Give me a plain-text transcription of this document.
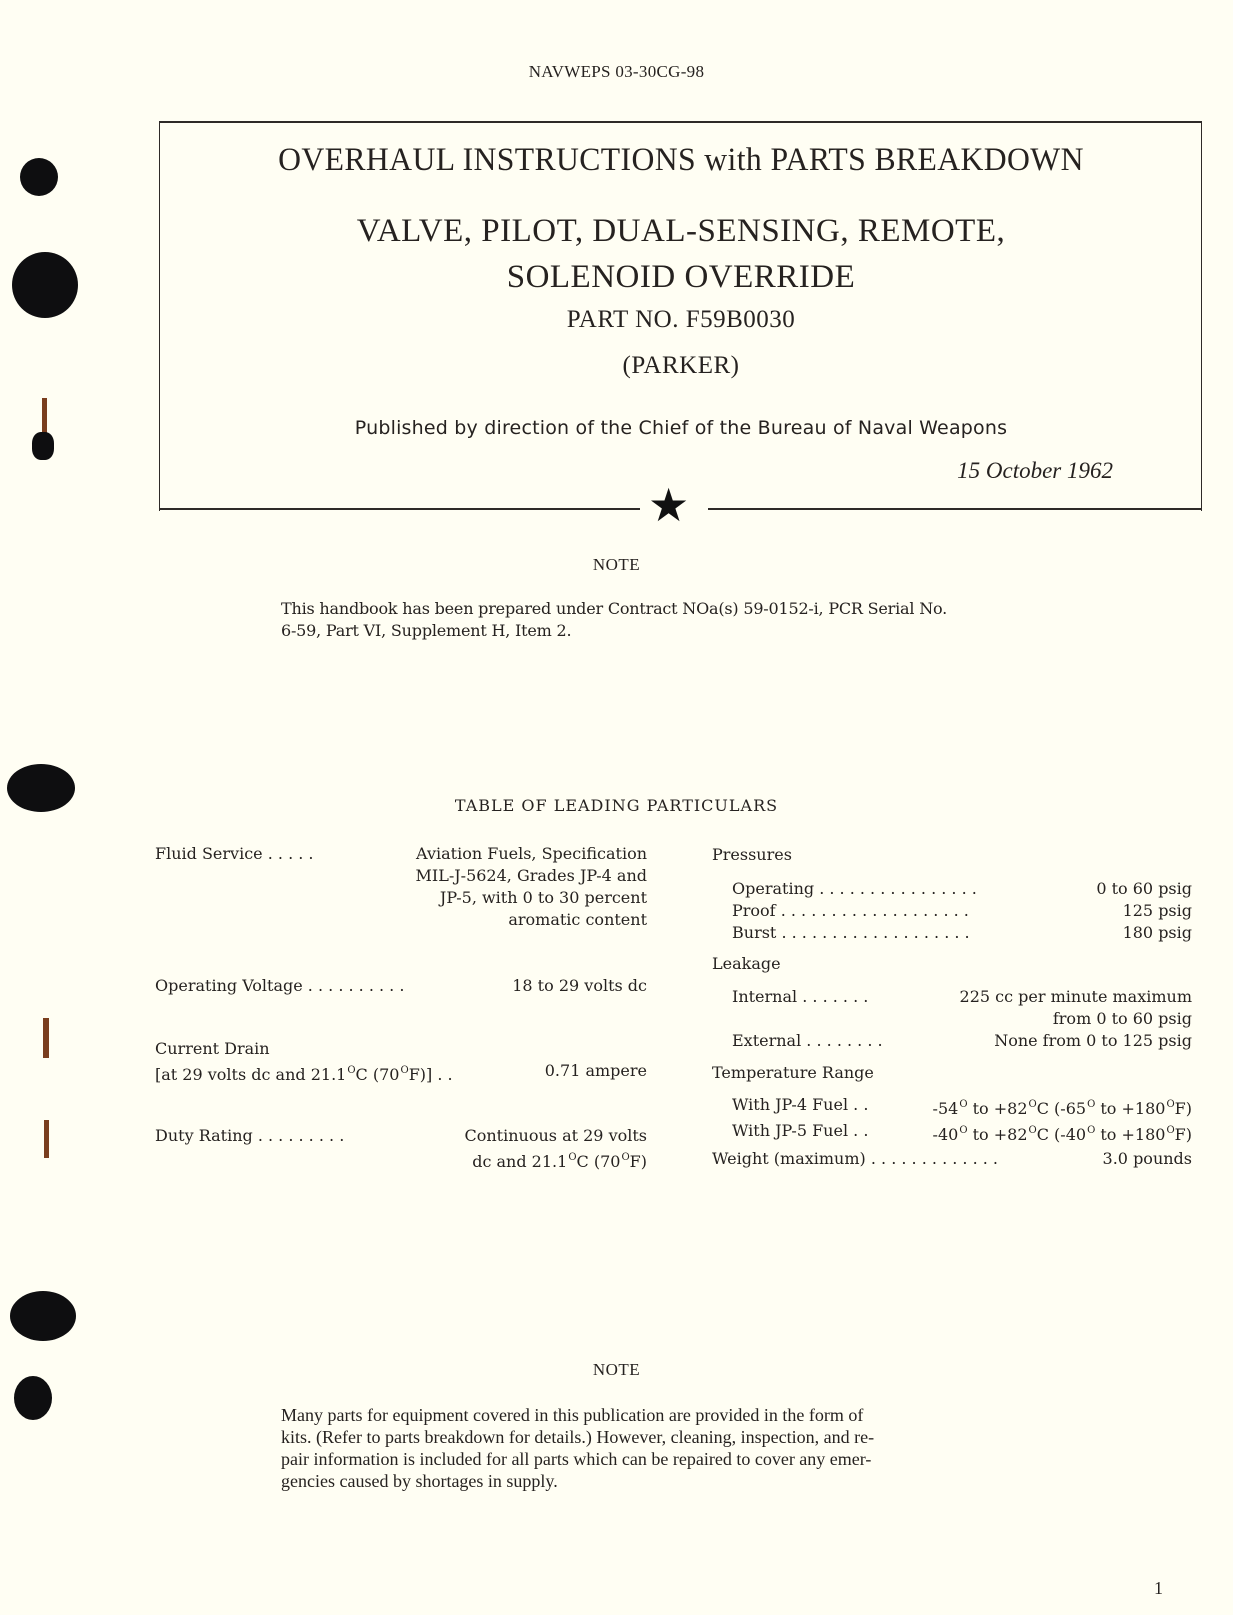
NAVWEPS 03-30CG-98
★
OVERHAUL INSTRUCTIONS with PARTS BREAKDOWN
VALVE, PILOT, DUAL-SENSING, REMOTE,
SOLENOID OVERRIDE
PART NO. F59B0030
(PARKER)
Published by direction of the Chief of the Bureau of Naval Weapons
15 October 1962
NOTE
This handbook has been prepared under Contract NOa(s) 59-0152-i, PCR Serial No.
6-59, Part VI, Supplement H, Item 2.
TABLE OF LEADING PARTICULARS
Fluid Service . . . . .	Aviation Fuels, Specification
MIL-J-5624, Grades JP-4 and
JP-5, with 0 to 30 percent
aromatic content
Operating Voltage . . . . . . . . . .	18 to 29 volts dc
Current Drain
[at 29 volts dc and $21.1^OC$ $(70^OF)$] . .	0.71 ampere
Duty Rating . . . . . . . . .	Continuous at 29 volts
dc and $21.1^OC$ $(70^OF)$
Pressures
Operating . . . . . . . . . . . . . . . .	0 to 60 psig
Proof . . . . . . . . . . . . . . . . . . .	125 psig
Burst . . . . . . . . . . . . . . . . . . .	180 psig
Leakage
Internal . . . . . . .	225 cc per minute maximum
from 0 to 60 psig
External . . . . . . . .	None from 0 to 125 psig
Temperature Range
With JP-4 Fuel . .	$-54^O$ to $+82^OC$ ($-65^O$ to $+180^OF$)
With JP-5 Fuel . .	$-40^O$ to $+82^OC$ ($-40^O$ to $+180^OF$)
Weight (maximum) . . . . . . . . . . . . .	3.0 pounds
NOTE
Many parts for equipment covered in this publication are provided in the form of
kits. (Refer to parts breakdown for details.) However, cleaning, inspection, and re-
pair information is included for all parts which can be repaired to cover any emer-
gencies caused by shortages in supply.
1
